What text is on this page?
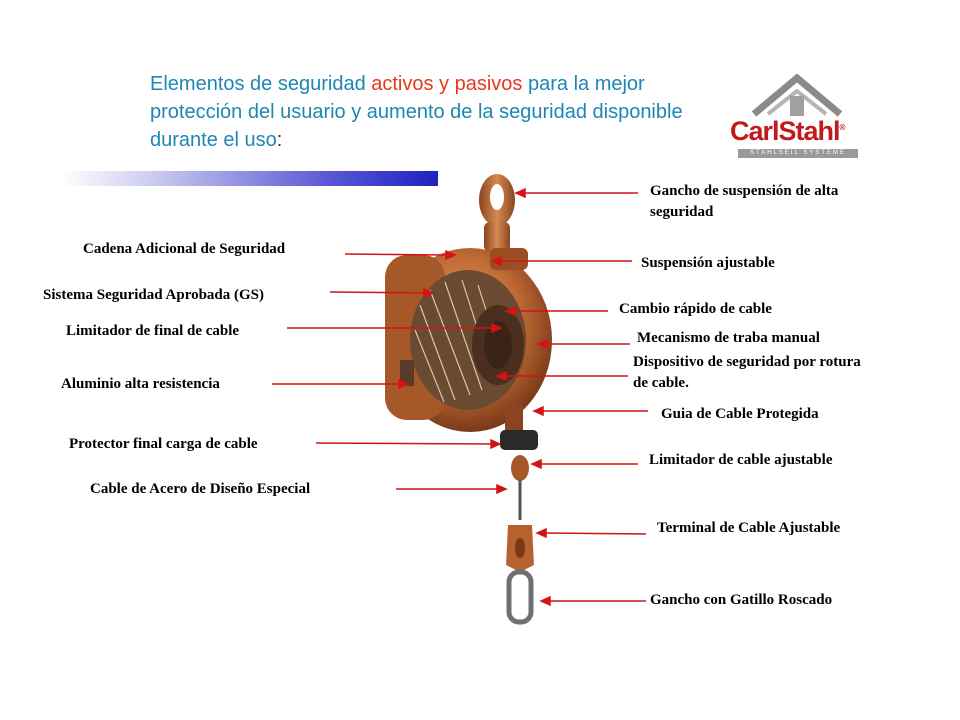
Elementos de seguridad activos y pasivos para la mejor protección del usuario y aumento de la seguridad disponible durante el uso:	CarlStahl®
STAHLSEIL SYSTEME
Gancho de suspensión de alta seguridad
Cadena Adicional de Seguridad
Suspensión ajustable
Sistema Seguridad Aprobada (GS)
Cambio rápido de cable
Limitador de final de cable	Mecanismo de traba manual
Dispositivo de seguridad por rotura de cable.
Aluminio alta resistencia
Guia de Cable Protegida
Protector final carga de cable
Limitador de cable ajustable
Cable de Acero de Diseño Especial
Terminal de Cable Ajustable
Gancho con Gatillo Roscado
